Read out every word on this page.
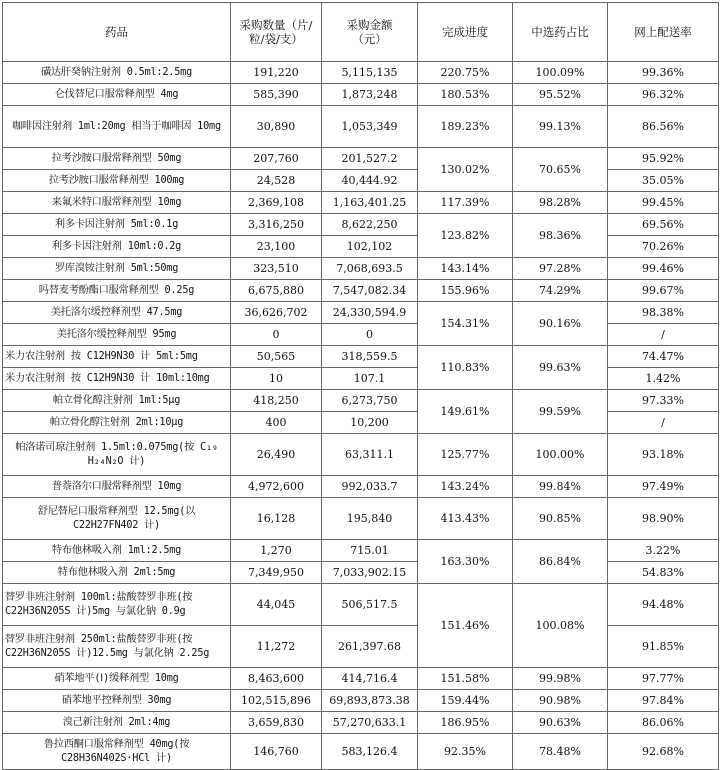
药品	采购数量（片/粒/袋/支）	采购金额（元）	完成进度	中选药占比	网上配送率
磺达肝癸钠注射剂 0.5ml:2.5mg	191,220	5,115,135	220.75%	100.09%	99.36%
仑伐替尼口服常释剂型 4mg	585,390	1,873,248	180.53%	95.52%	96.32%
咖啡因注射剂 1ml:20mg 相当于咖啡因 10mg	30,890	1,053,349	189.23%	99.13%	86.56%
拉考沙胺口服常释剂型 50mg	207,760	201,527.2	130.02%	70.65%	95.92%
拉考沙胺口服常释剂型 100mg	24,528	40,444.92			35.05%
来氟米特口服常释剂型 10mg	2,369,108	1,163,401.25	117.39%	98.28%	99.45%
利多卡因注射剂 5ml:0.1g	3,316,250	8,622,250	123.82%	98.36%	69.56%
利多卡因注射剂 10ml:0.2g	23,100	102,102			70.26%
罗库溴铵注射剂 5ml:50mg	323,510	7,068,693.5	143.14%	97.28%	99.46%
吗替麦考酚酯口服常释剂型 0.25g	6,675,880	7,547,082.34	155.96%	74.29%	99.67%
美托洛尔缓控释剂型 47.5mg	36,626,702	24,330,594.9	154.31%	90.16%	98.38%
美托洛尔缓控释剂型 95mg	0	0			/
米力农注射剂 按 C12H9N30 计 5ml:5mg	50,565	318,559.5	110.83%	99.63%	74.47%
米力农注射剂 按 C12H9N30 计 10ml:10mg	10	107.1			1.42%
帕立骨化醇注射剂 1ml:5μg	418,250	6,273,750	149.61%	99.59%	97.33%
帕立骨化醇注射剂 2ml:10μg	400	10,200			/
帕洛诺司琼注射剂 1.5ml:0.075mg(按 C₁₉ H₂₄N₂O 计)	26,490	63,311.1	125.77%	100.00%	93.18%
普萘洛尔口服常释剂型 10mg	4,972,600	992,033.7	143.24%	99.84%	97.49%
舒尼替尼口服常释剂型 12.5mg(以 C22H27FN402 计)	16,128	195,840	413.43%	90.85%	98.90%
特布他林吸入剂 1ml:2.5mg	1,270	715.01	163.30%	86.84%	3.22%
特布他林吸入剂 2ml:5mg	7,349,950	7,033,902.15			54.83%
替罗非班注射剂 100ml:盐酸替罗非班(按 C22H36N205S 计)5mg 与氯化钠 0.9g	44,045	506,517.5	151.46%	100.08%	94.48%
替罗非班注射剂 250ml:盐酸替罗非班(按 C22H36N205S 计)12.5mg 与氯化钠 2.25g	11,272	261,397.68			91.85%
硝苯地平(Ⅰ)缓释剂型 10mg	8,463,600	414,716.4	151.58%	99.98%	97.77%
硝苯地平控释剂型 30mg	102,515,896	69,893,873.38	159.44%	90.98%	97.84%
溴己新注射剂 2ml:4mg	3,659,830	57,270,633.1	186.95%	90.63%	86.06%
鲁拉西酮口服常释剂型 40mg(按 C28H36N402S·HCl 计)	146,760	583,126.4	92.35%	78.48%	92.68%
